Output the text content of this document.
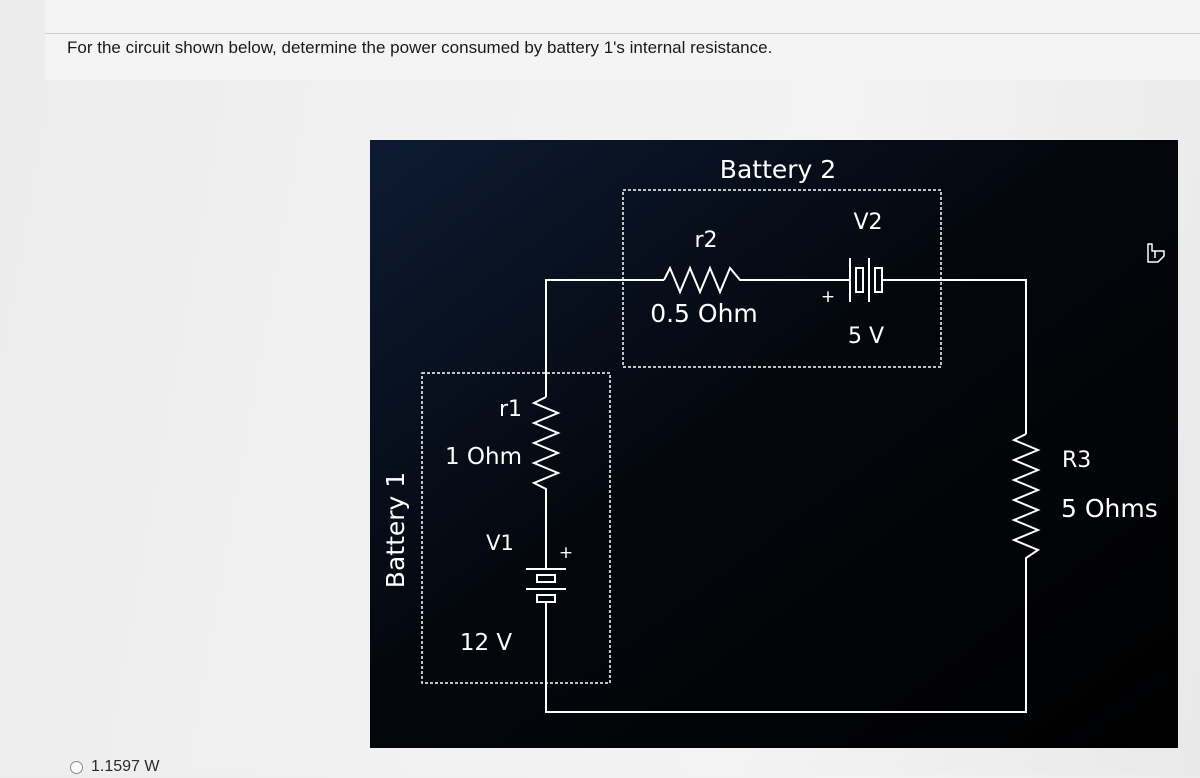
For the circuit shown below, determine the power consumed by battery 1's internal resistance.
Battery 2
r2
0.5 Ohm
V2
+
5 V
r1
1 Ohm
V1	+
12 V
Battery 1
R3
5 Ohms
1.1597 W
